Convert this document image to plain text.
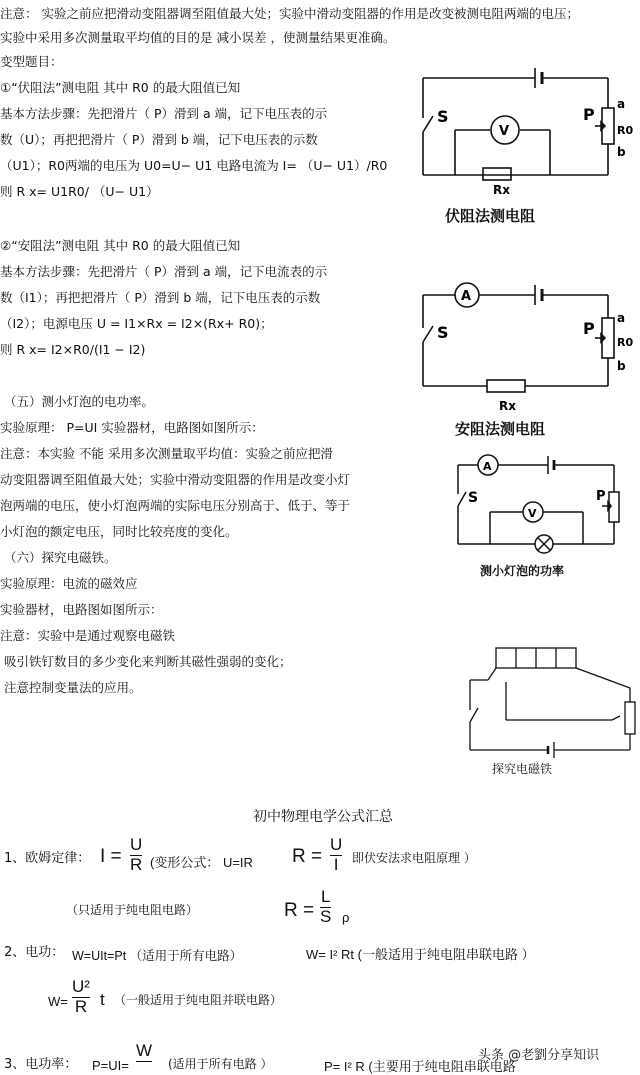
注意： 实验之前应把滑动变阻器调至阻值最大处；实验中滑动变阻器的作用是改变被测电阻两端的电压；
实验中采用多次测量取平均值的目的是 减小误差 ，使测量结果更准确。
变型题目：
①“伏阻法”测电阻 其中 R0 的最大阻值已知
基本方法步骤：先把滑片（ P）滑到 a 端，记下电压表的示
数（U）；再把把滑片（ P）滑到 b 端，记下电压表的示数
（U1）；R0两端的电压为 U0=U− U1 电路电流为 I= （U− U1）/R0
则 R x= U1R0/ （U− U1）
②“安阻法”测电阻 其中 R0 的最大阻值已知
基本方法步骤：先把滑片（ P）滑到 a 端，记下电流表的示
数（I1）；再把把滑片（ P）滑到 b 端，记下电压表的示数
（I2）；电源电压 U = I1×Rx = I2×(Rx+ R0)；
则 R x= I2×R0/(I1 − I2)
（五）测小灯泡的电功率。
实验原理： P=UI 实验器材，电路图如图所示：
注意：本实验 不能 采用多次测量取平均值：实验之前应把滑
动变阻器调至阻值最大处；实验中滑动变阻器的作用是改变小灯
泡两端的电压，使小灯泡两端的实际电压分别高于、低于、等于
小灯泡的额定电压，同时比较亮度的变化。
（六）探究电磁铁。
实验原理：电流的磁效应
实验器材，电路图如图所示：
注意：实验中是通过观察电磁铁
吸引铁钉数目的多少变化来判断其磁性强弱的变化；
注意控制变量法的应用。
S	P
a
R0
b
V
Rx
伏阻法测电阻
A
S	P
a
R0
b
Rx
安阻法测电阻
A
V
S	P
测小灯泡的功率
探究电磁铁
初中物理电学公式汇总
1、欧姆定律： I =
U
R (变形公式： U=IR R =
U
I 即伏安法求电阻原理 ）
（只适用于纯电阻电路）	R =
L
S ρ
2、电功： W=UIt=Pt （适用于所有电路）	W= I² Rt (一般适用于纯电阻串联电路 ）
W=
U²
R t （一般适用于纯电阻并联电路）
3、电功率： P=UI=
W
(适用于所有电路 ）	P= I² R (主要用于纯电阻串联电路
头条 @老劉分享知识
